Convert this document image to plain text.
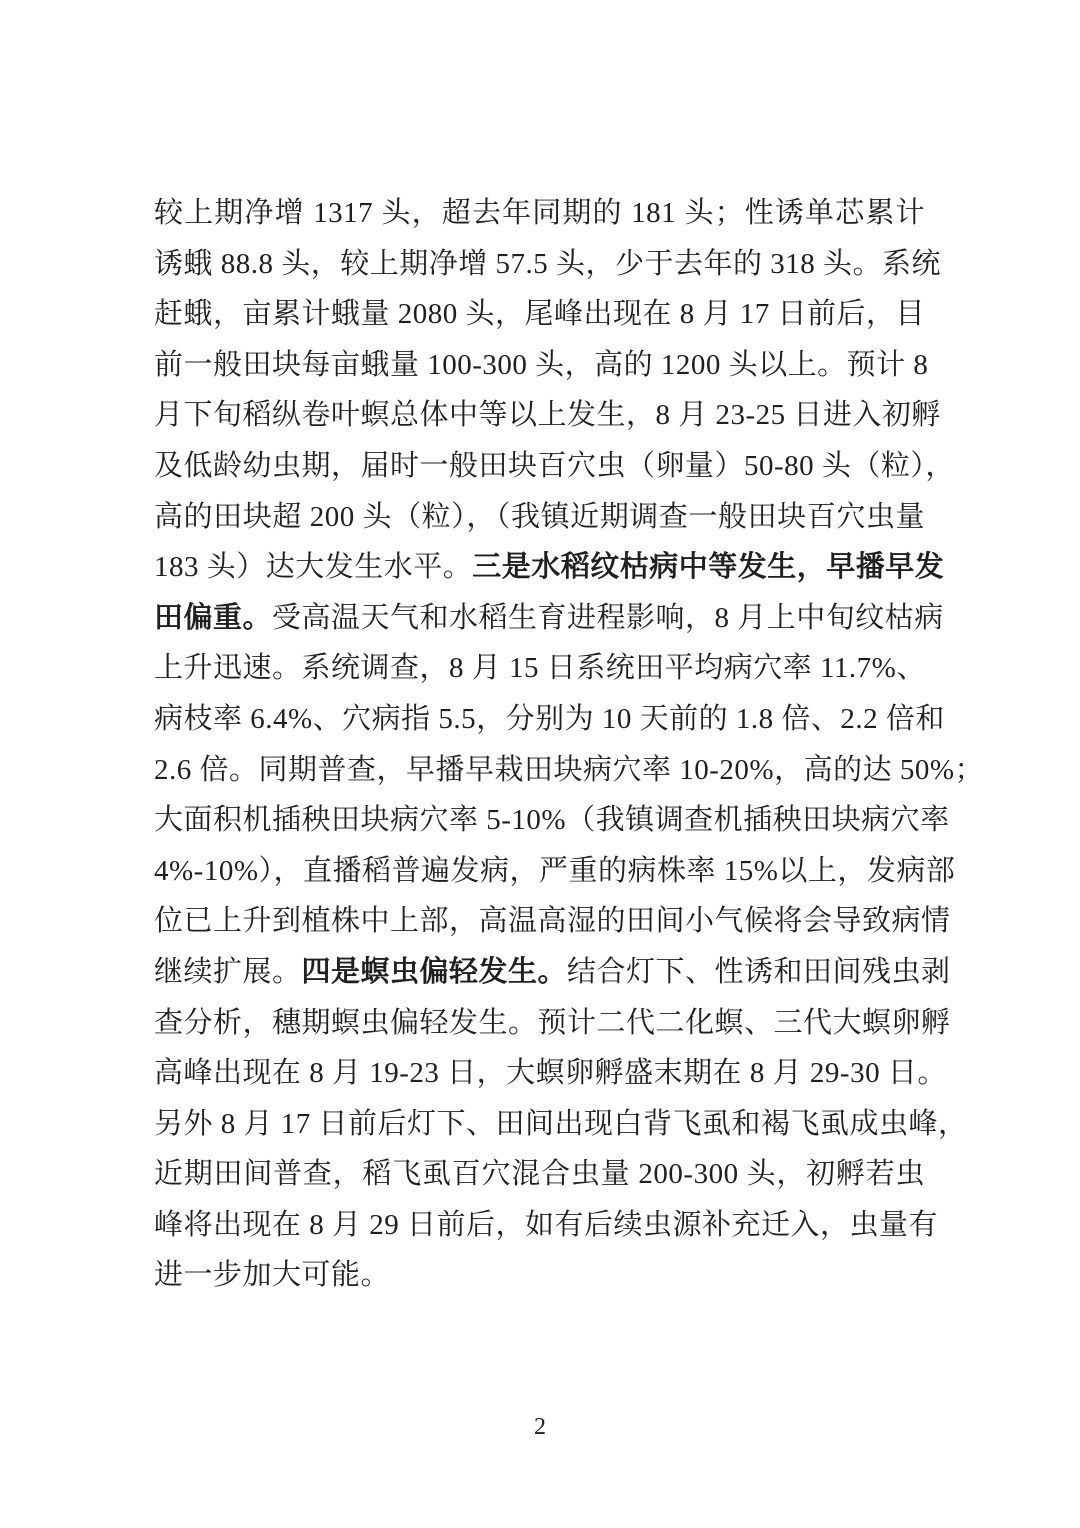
较上期净增 1317 头，超去年同期的 181 头；性诱单芯累计
诱蛾 88.8 头，较上期净增 57.5 头，少于去年的 318 头。系统
赶蛾，亩累计蛾量 2080 头，尾峰出现在 8 月 17 日前后，目
前一般田块每亩蛾量 100-300 头，高的 1200 头以上。预计 8
月下旬稻纵卷叶螟总体中等以上发生，8 月 23-25 日进入初孵
及低龄幼虫期，届时一般田块百穴虫（卵量）50-80 头（粒），
高的田块超 200 头（粒），（我镇近期调查一般田块百穴虫量
183 头）达大发生水平。三是水稻纹枯病中等发生，早播早发
田偏重。受高温天气和水稻生育进程影响，8 月上中旬纹枯病
上升迅速。系统调查，8 月 15 日系统田平均病穴率 11.7%、
病枝率 6.4%、穴病指 5.5，分别为 10 天前的 1.8 倍、2.2 倍和
2.6 倍。同期普查，早播早栽田块病穴率 10-20%，高的达 50%；
大面积机插秧田块病穴率 5-10%（我镇调查机插秧田块病穴率
4%-10%），直播稻普遍发病，严重的病株率 15%以上，发病部
位已上升到植株中上部，高温高湿的田间小气候将会导致病情
继续扩展。四是螟虫偏轻发生。结合灯下、性诱和田间残虫剥
查分析，穗期螟虫偏轻发生。预计二代二化螟、三代大螟卵孵
高峰出现在 8 月 19-23 日，大螟卵孵盛末期在 8 月 29-30 日。
另外 8 月 17 日前后灯下、田间出现白背飞虱和褐飞虱成虫峰，
近期田间普查，稻飞虱百穴混合虫量 200-300 头，初孵若虫
峰将出现在 8 月 29 日前后，如有后续虫源补充迁入，虫量有
进一步加大可能。
2
